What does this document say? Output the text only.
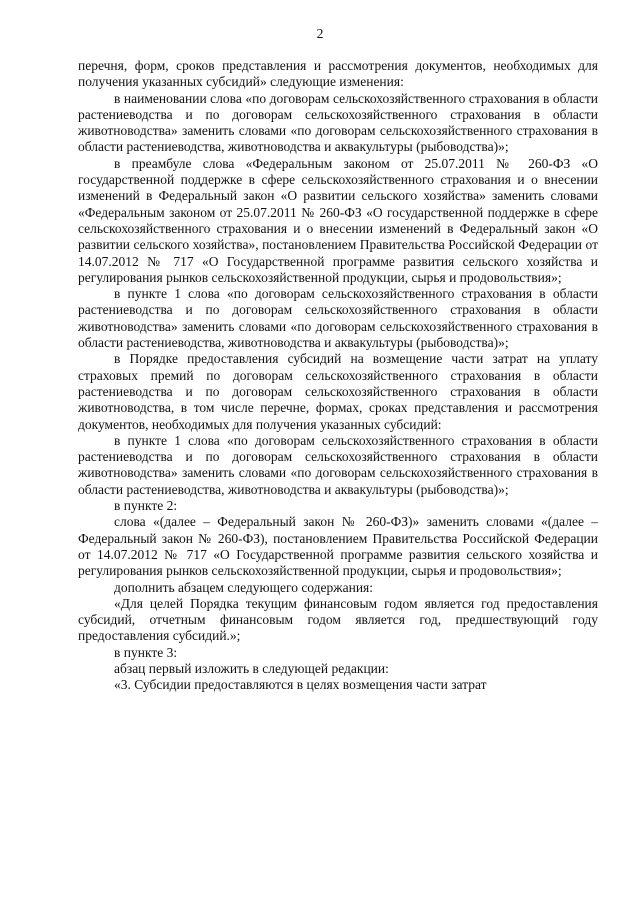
2

перечня, форм, сроков представления и рассмотрения документов, необходимых для получения указанных субсидий» следующие изменения:

в наименовании слова «по договорам сельскохозяйственного страхования в области растениеводства и по договорам сельскохозяйственного страхования в области животноводства» заменить словами «по договорам сельскохозяйственного страхования в области растениеводства, животноводства и аквакультуры (рыбоводства)»;

в преамбуле слова «Федеральным законом от 25.07.2011 № 260-ФЗ «О государственной поддержке в сфере сельскохозяйственного страхования и о внесении изменений в Федеральный закон «О развитии сельского хозяйства» заменить словами «Федеральным законом от 25.07.2011 № 260-ФЗ «О государственной поддержке в сфере сельскохозяйственного страхования и о внесении изменений в Федеральный закон «О развитии сельского хозяйства», постановлением Правительства Российской Федерации от 14.07.2012 № 717 «О Государственной программе развития сельского хозяйства и регулирования рынков сельскохозяйственной продукции, сырья и продовольствия»;

в пункте 1 слова «по договорам сельскохозяйственного страхования в области растениеводства и по договорам сельскохозяйственного страхования в области животноводства» заменить словами «по договорам сельскохозяйственного страхования в области растениеводства, животноводства и аквакультуры (рыбоводства)»;

в Порядке предоставления субсидий на возмещение части затрат на уплату страховых премий по договорам сельскохозяйственного страхования в области растениеводства и по договорам сельскохозяйственного страхования в области животноводства, в том числе перечне, формах, сроках представления и рассмотрения документов, необходимых для получения указанных субсидий:

в пункте 1 слова «по договорам сельскохозяйственного страхования в области растениеводства и по договорам сельскохозяйственного страхования в области животноводства» заменить словами «по договорам сельскохозяйственного страхования в области растениеводства, животноводства и аквакультуры (рыбоводства)»;

в пункте 2:

слова «(далее – Федеральный закон № 260-ФЗ)» заменить словами «(далее – Федеральный закон № 260-ФЗ), постановлением Правительства Российской Федерации от 14.07.2012 № 717 «О Государственной программе развития сельского хозяйства и регулирования рынков сельскохозяйственной продукции, сырья и продовольствия»;

дополнить абзацем следующего содержания:

«Для целей Порядка текущим финансовым годом является год предоставления субсидий, отчетным финансовым годом является год, предшествующий году предоставления субсидий.»;

в пункте 3:

абзац первый изложить в следующей редакции:

«3. Субсидии предоставляются в целях возмещения части затрат
